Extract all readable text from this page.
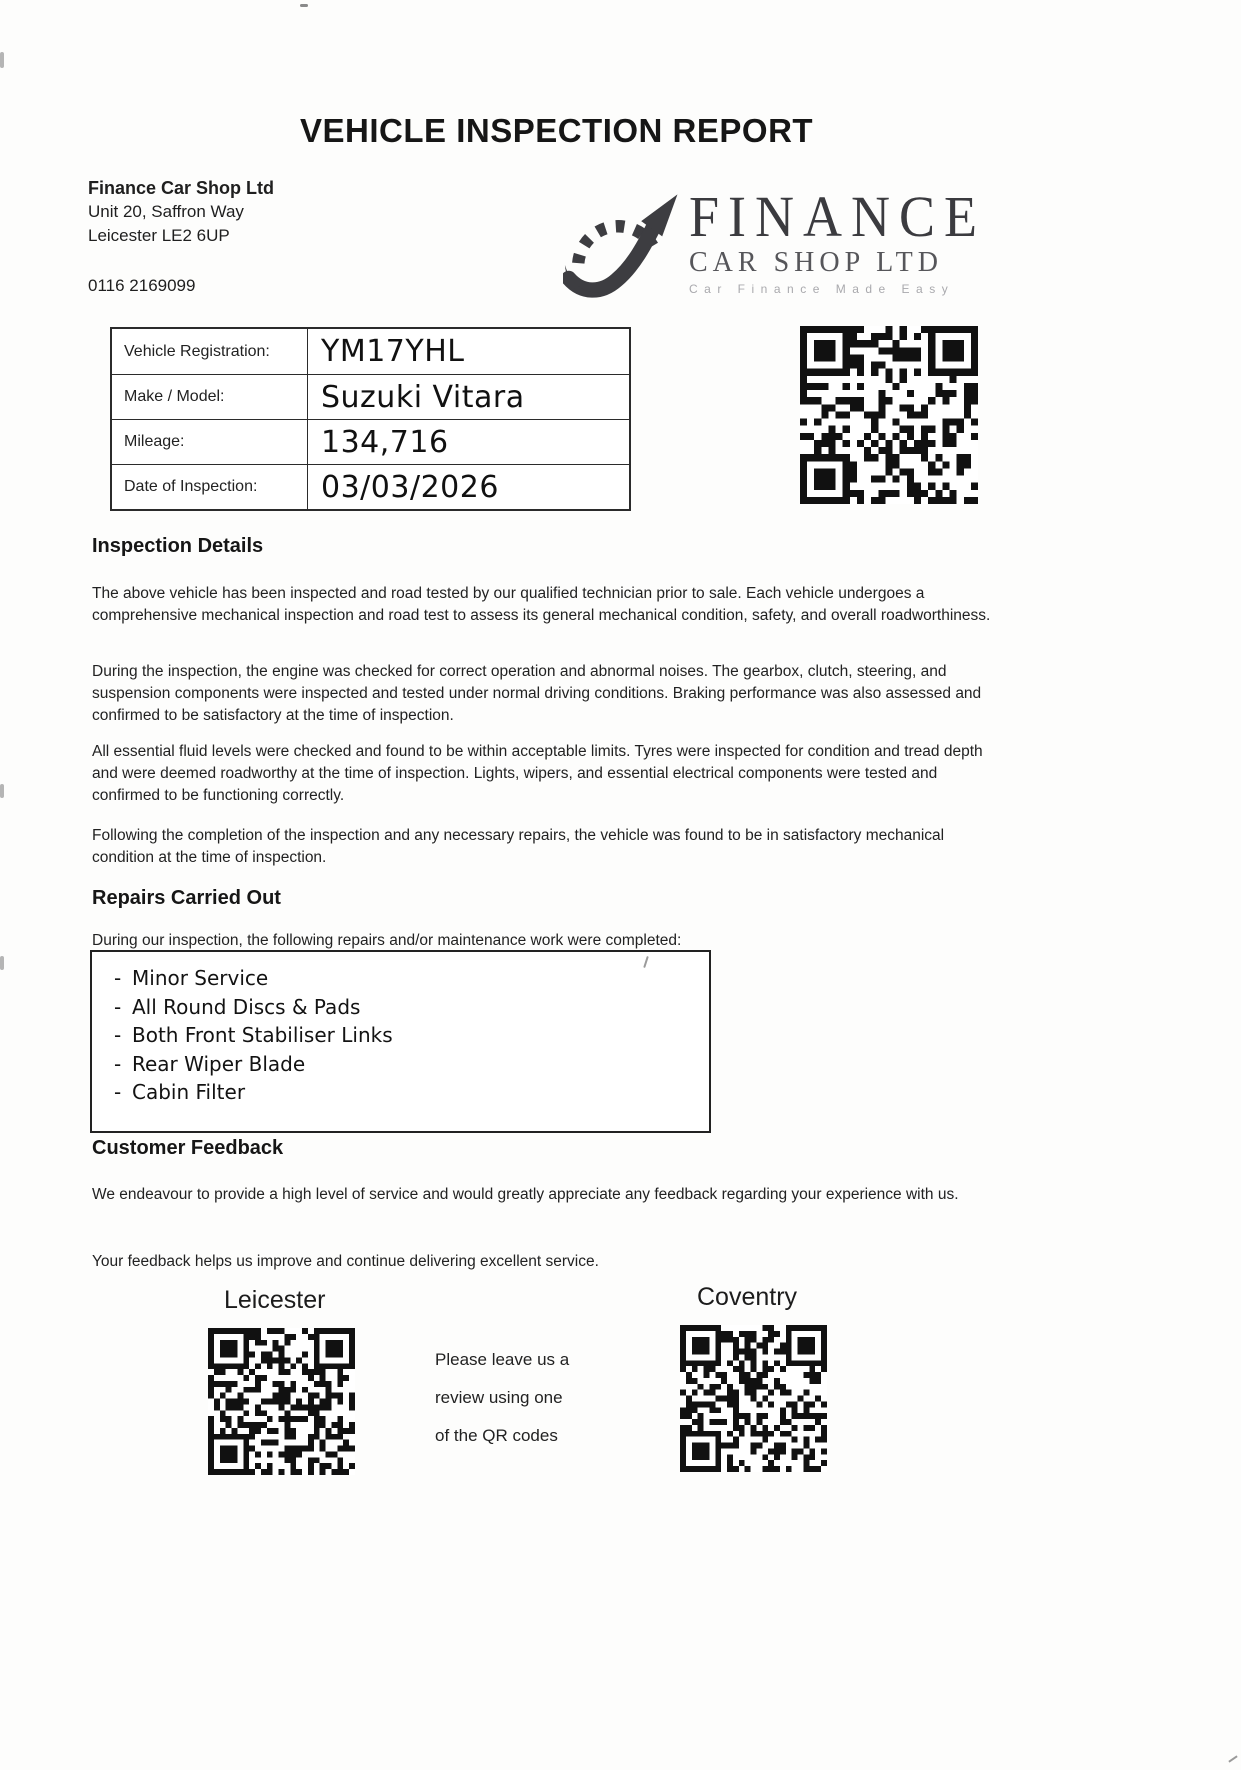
VEHICLE INSPECTION REPORT
Finance Car Shop Ltd
Unit 20, Saffron Way
Leicester LE2 6UP
0116 2169099
FINANCE
CAR SHOP LTD
Car Finance Made Easy
Vehicle Registration:	YM17YHL
Make / Model:	Suzuki Vitara
Mileage:	134,716
Date of Inspection:	03/03/2026
Inspection Details
The above vehicle has been inspected and road tested by our qualified technician prior to sale. Each vehicle undergoes a comprehensive mechanical inspection and road test to assess its general mechanical condition, safety, and overall roadworthiness.
During the inspection, the engine was checked for correct operation and abnormal noises. The gearbox, clutch, steering, and suspension components were inspected and tested under normal driving conditions. Braking performance was also assessed and confirmed to be satisfactory at the time of inspection.
All essential fluid levels were checked and found to be within acceptable limits. Tyres were inspected for condition and tread depth and were deemed roadworthy at the time of inspection. Lights, wipers, and essential electrical components were tested and confirmed to be functioning correctly.
Following the completion of the inspection and any necessary repairs, the vehicle was found to be in satisfactory mechanical condition at the time of inspection.
Repairs Carried Out
During our inspection, the following repairs and/or maintenance work were completed:
- Minor Service
- All Round Discs & Pads
- Both Front Stabiliser Links
- Rear Wiper Blade
- Cabin Filter
Customer Feedback
We endeavour to provide a high level of service and would greatly appreciate any feedback regarding your experience with us.
Your feedback helps us improve and continue delivering excellent service.
Leicester	Coventry
Please leave us a
review using one
of the QR codes
